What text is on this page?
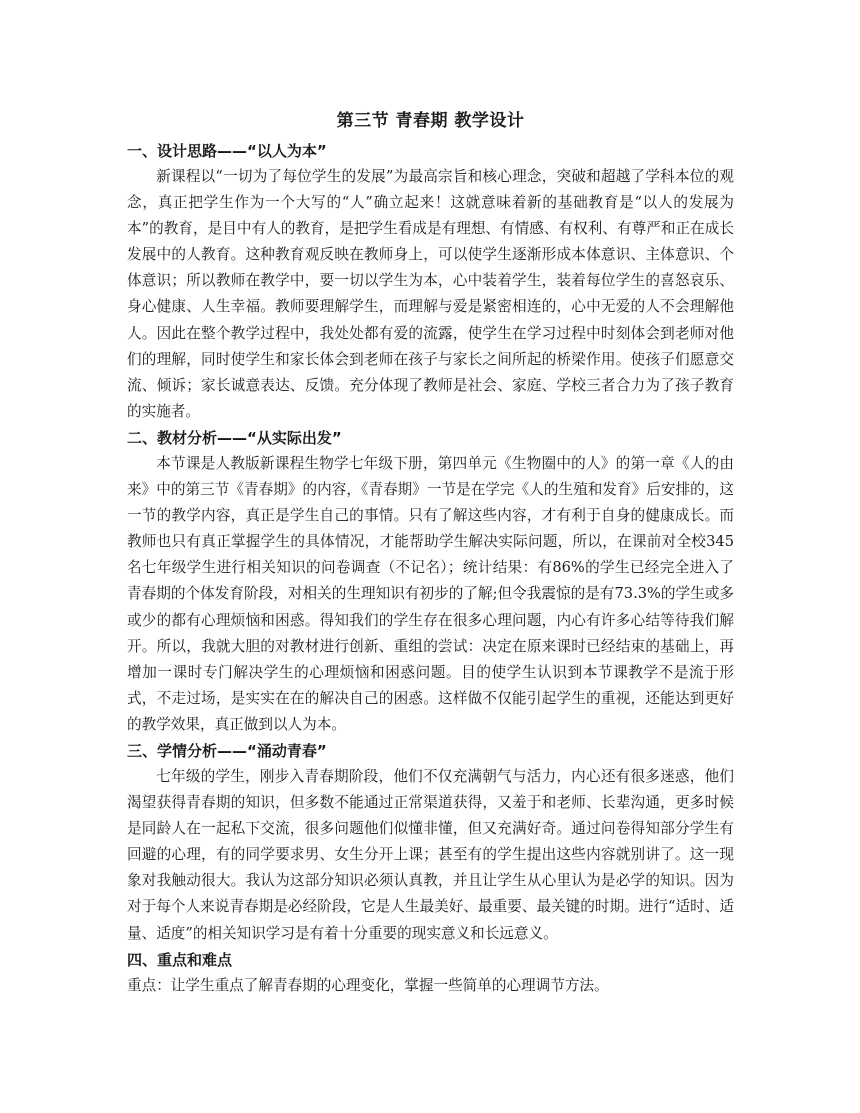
第三节 青春期 教学设计
一、设计思路——“以人为本”

新课程以“一切为了每位学生的发展”为最高宗旨和核心理念，突破和超越了学科本位的观念，真正把学生作为一个大写的“人”确立起来！这就意味着新的基础教育是“以人的发展为本”的教育，是目中有人的教育，是把学生看成是有理想、有情感、有权利、有尊严和正在成长发展中的人教育。这种教育观反映在教师身上，可以使学生逐渐形成本体意识、主体意识、个体意识；所以教师在教学中，要一切以学生为本，心中装着学生，装着每位学生的喜怒哀乐、身心健康、人生幸福。教师要理解学生，而理解与爱是紧密相连的，心中无爱的人不会理解他人。因此在整个教学过程中，我处处都有爱的流露，使学生在学习过程中时刻体会到老师对他们的理解，同时使学生和家长体会到老师在孩子与家长之间所起的桥梁作用。使孩子们愿意交流、倾诉；家长诚意表达、反馈。充分体现了教师是社会、家庭、学校三者合力为了孩子教育的实施者。

二、教材分析——“从实际出发”

本节课是人教版新课程生物学七年级下册，第四单元《生物圈中的人》的第一章《人的由来》中的第三节《青春期》的内容，《青春期》一节是在学完《人的生殖和发育》后安排的，这一节的教学内容，真正是学生自己的事情。只有了解这些内容，才有利于自身的健康成长。而教师也只有真正掌握学生的具体情况，才能帮助学生解决实际问题，所以，在课前对全校345名七年级学生进行相关知识的问卷调查（不记名）；统计结果：有86%的学生已经完全进入了青春期的个体发育阶段，对相关的生理知识有初步的了解;但令我震惊的是有73.3%的学生或多或少的都有心理烦恼和困惑。得知我们的学生存在很多心理问题，内心有许多心结等待我们解开。所以，我就大胆的对教材进行创新、重组的尝试：决定在原来课时已经结束的基础上，再增加一课时专门解决学生的心理烦恼和困惑问题。目的使学生认识到本节课教学不是流于形式，不走过场，是实实在在的解决自己的困惑。这样做不仅能引起学生的重视，还能达到更好的教学效果，真正做到以人为本。

三、学情分析——“涌动青春”

七年级的学生，刚步入青春期阶段，他们不仅充满朝气与活力，内心还有很多迷惑，他们渴望获得青春期的知识，但多数不能通过正常渠道获得，又羞于和老师、长辈沟通，更多时候是同龄人在一起私下交流，很多问题他们似懂非懂，但又充满好奇。通过问卷得知部分学生有回避的心理，有的同学要求男、女生分开上课；甚至有的学生提出这些内容就别讲了。这一现象对我触动很大。我认为这部分知识必须认真教，并且让学生从心里认为是必学的知识。因为对于每个人来说青春期是必经阶段，它是人生最美好、最重要、最关键的时期。进行“适时、适量、适度”的相关知识学习是有着十分重要的现实意义和长远意义。

四、重点和难点

重点：让学生重点了解青春期的心理变化，掌握一些简单的心理调节方法。
